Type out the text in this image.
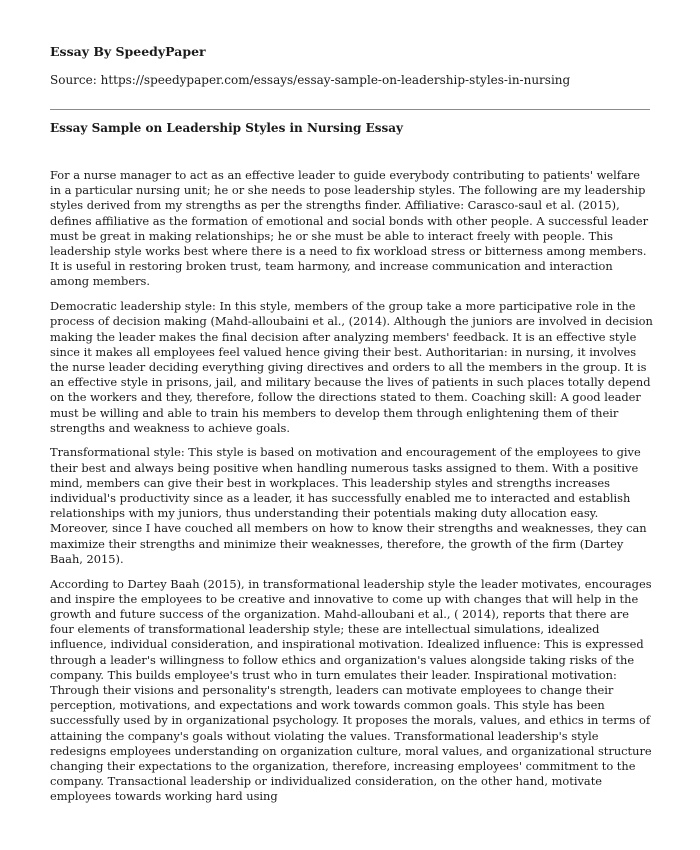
Essay By SpeedyPaper
Source: https://speedypaper.com/essays/essay-sample-on-leadership-styles-in-nursing
Essay Sample on Leadership Styles in Nursing Essay

For a nurse manager to act as an effective leader to guide everybody contributing to patients' welfare in a particular nursing unit; he or she needs to pose leadership styles. The following are my leadership styles derived from my strengths as per the strengths finder. Affiliative: Carasco-saul et al. (2015), defines affiliative as the formation of emotional and social bonds with other people. A successful leader must be great in making relationships; he or she must be able to interact freely with people. This leadership style works best where there is a need to fix workload stress or bitterness among members. It is useful in restoring broken trust, team harmony, and increase communication and interaction among members.

Democratic leadership style: In this style, members of the group take a more participative role in the process of decision making (Mahd-alloubaini et al., (2014). Although the juniors are involved in decision making the leader makes the final decision after analyzing members' feedback. It is an effective style since it makes all employees feel valued hence giving their best. Authoritarian: in nursing, it involves the nurse leader deciding everything giving directives and orders to all the members in the group. It is an effective style in prisons, jail, and military because the lives of patients in such places totally depend on the workers and they, therefore, follow the directions stated to them. Coaching skill: A good leader must be willing and able to train his members to develop them through enlightening them of their strengths and weakness to achieve goals.

Transformational style: This style is based on motivation and encouragement of the employees to give their best and always being positive when handling numerous tasks assigned to them. With a positive mind, members can give their best in workplaces. This leadership styles and strengths increases individual's productivity since as a leader, it has successfully enabled me to interacted and establish relationships with my juniors, thus understanding their potentials making duty allocation easy. Moreover, since I have couched all members on how to know their strengths and weaknesses, they can maximize their strengths and minimize their weaknesses, therefore, the growth of the firm (Dartey Baah, 2015).

According to Dartey Baah (2015), in transformational leadership style the leader motivates, encourages and inspire the employees to be creative and innovative to come up with changes that will help in the growth and future success of the organization. Mahd-alloubani et al., ( 2014), reports that there are four elements of transformational leadership style; these are intellectual simulations, idealized influence, individual consideration, and inspirational motivation. Idealized influence: This is expressed through a leader's willingness to follow ethics and organization's values alongside taking risks of the company. This builds employee's trust who in turn emulates their leader. Inspirational motivation: Through their visions and personality's strength, leaders can motivate employees to change their perception, motivations, and expectations and work towards common goals. This style has been successfully used by in organizational psychology. It proposes the morals, values, and ethics in terms of attaining the company's goals without violating the values. Transformational leadership's style redesigns employees understanding on organization culture, moral values, and organizational structure changing their expectations to the organization, therefore, increasing employees' commitment to the company. Transactional leadership or individualized consideration, on the other hand, motivate employees towards working hard using
